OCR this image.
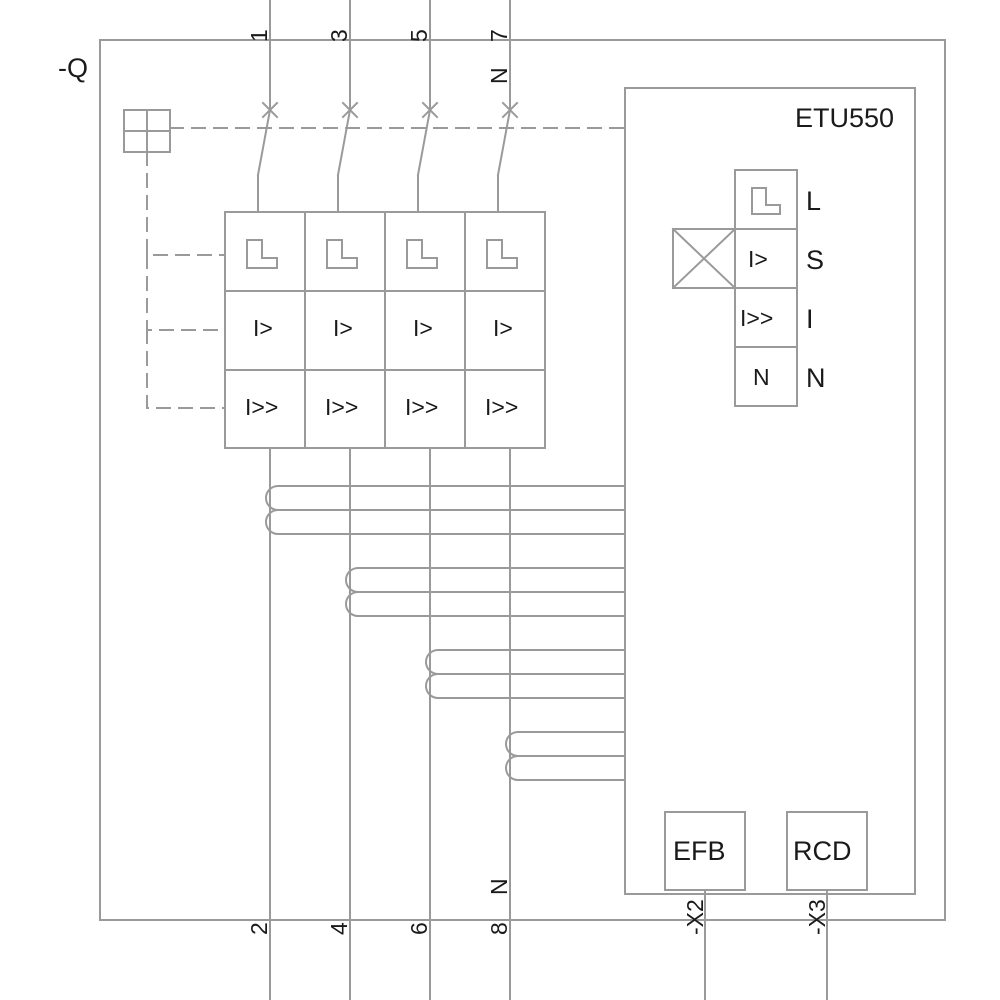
-Q
ETU550
1 3 5 7
N
2 4 6 8
N
I>	I>	I>	I>
I>> I>> I>> I>>
I>
I>>
N
L
S
I
N
EFB RCD
-X2	-X3
